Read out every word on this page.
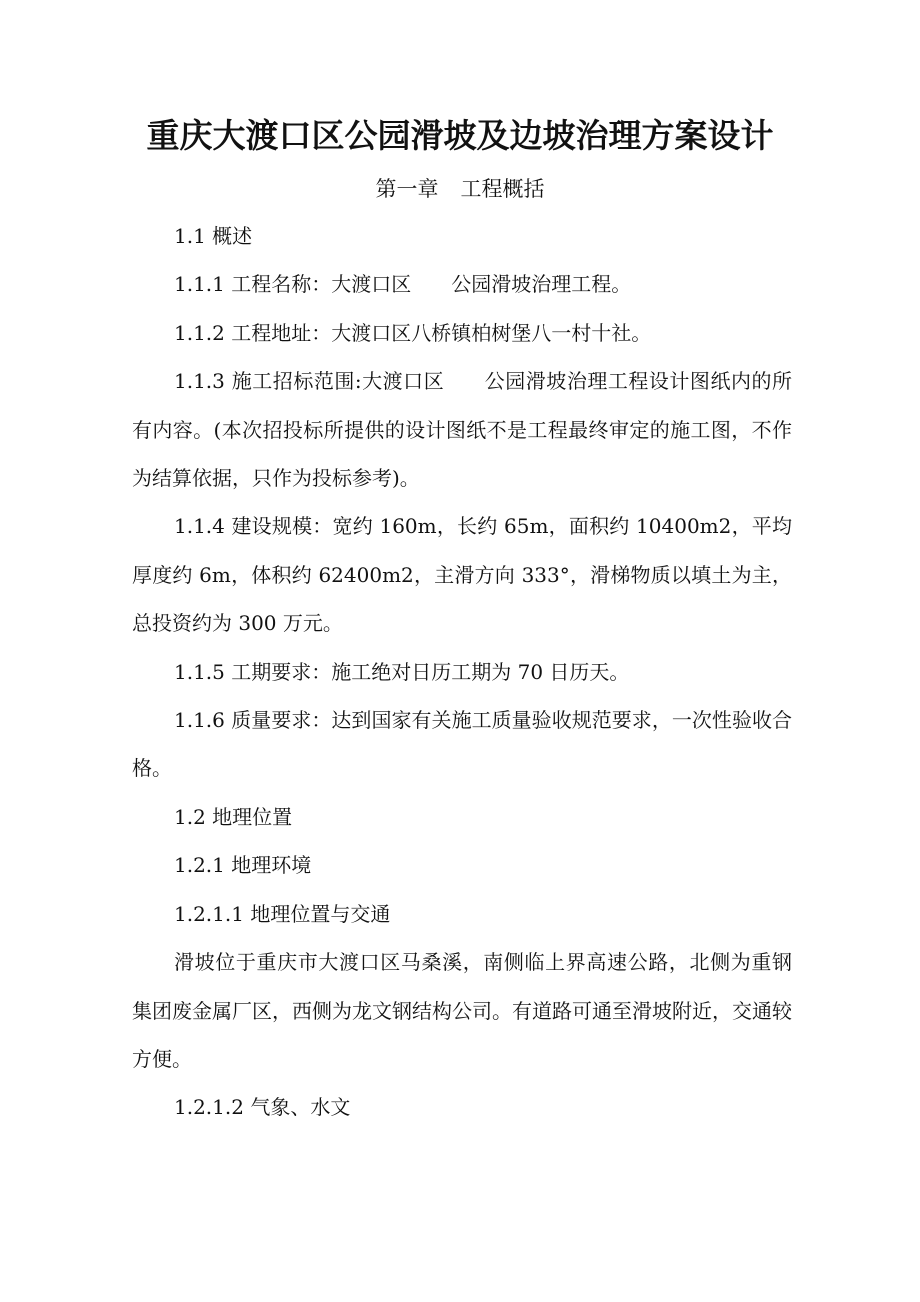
重庆大渡口区公园滑坡及边坡治理方案设计
第一章 工程概括

1.1 概述

1.1.1 工程名称：大渡口区 公园滑坡治理工程。

1.1.2 工程地址：大渡口区八桥镇柏树堡八一村十社。

1.1.3 施工招标范围:大渡口区 公园滑坡治理工程设计图纸内的所有内容。(本次招投标所提供的设计图纸不是工程最终审定的施工图，不作为结算依据，只作为投标参考)。

1.1.4 建设规模：宽约 160m，长约 65m，面积约 10400m2，平均厚度约 6m，体积约 62400m2，主滑方向 333°，滑梯物质以填土为主，总投资约为 300 万元。

1.1.5 工期要求：施工绝对日历工期为 70 日历天。

1.1.6 质量要求：达到国家有关施工质量验收规范要求，一次性验收合格。

1.2 地理位置

1.2.1 地理环境

1.2.1.1 地理位置与交通

滑坡位于重庆市大渡口区马桑溪，南侧临上界高速公路，北侧为重钢集团废金属厂区，西侧为龙文钢结构公司。有道路可通至滑坡附近，交通较方便。

1.2.1.2 气象、水文
